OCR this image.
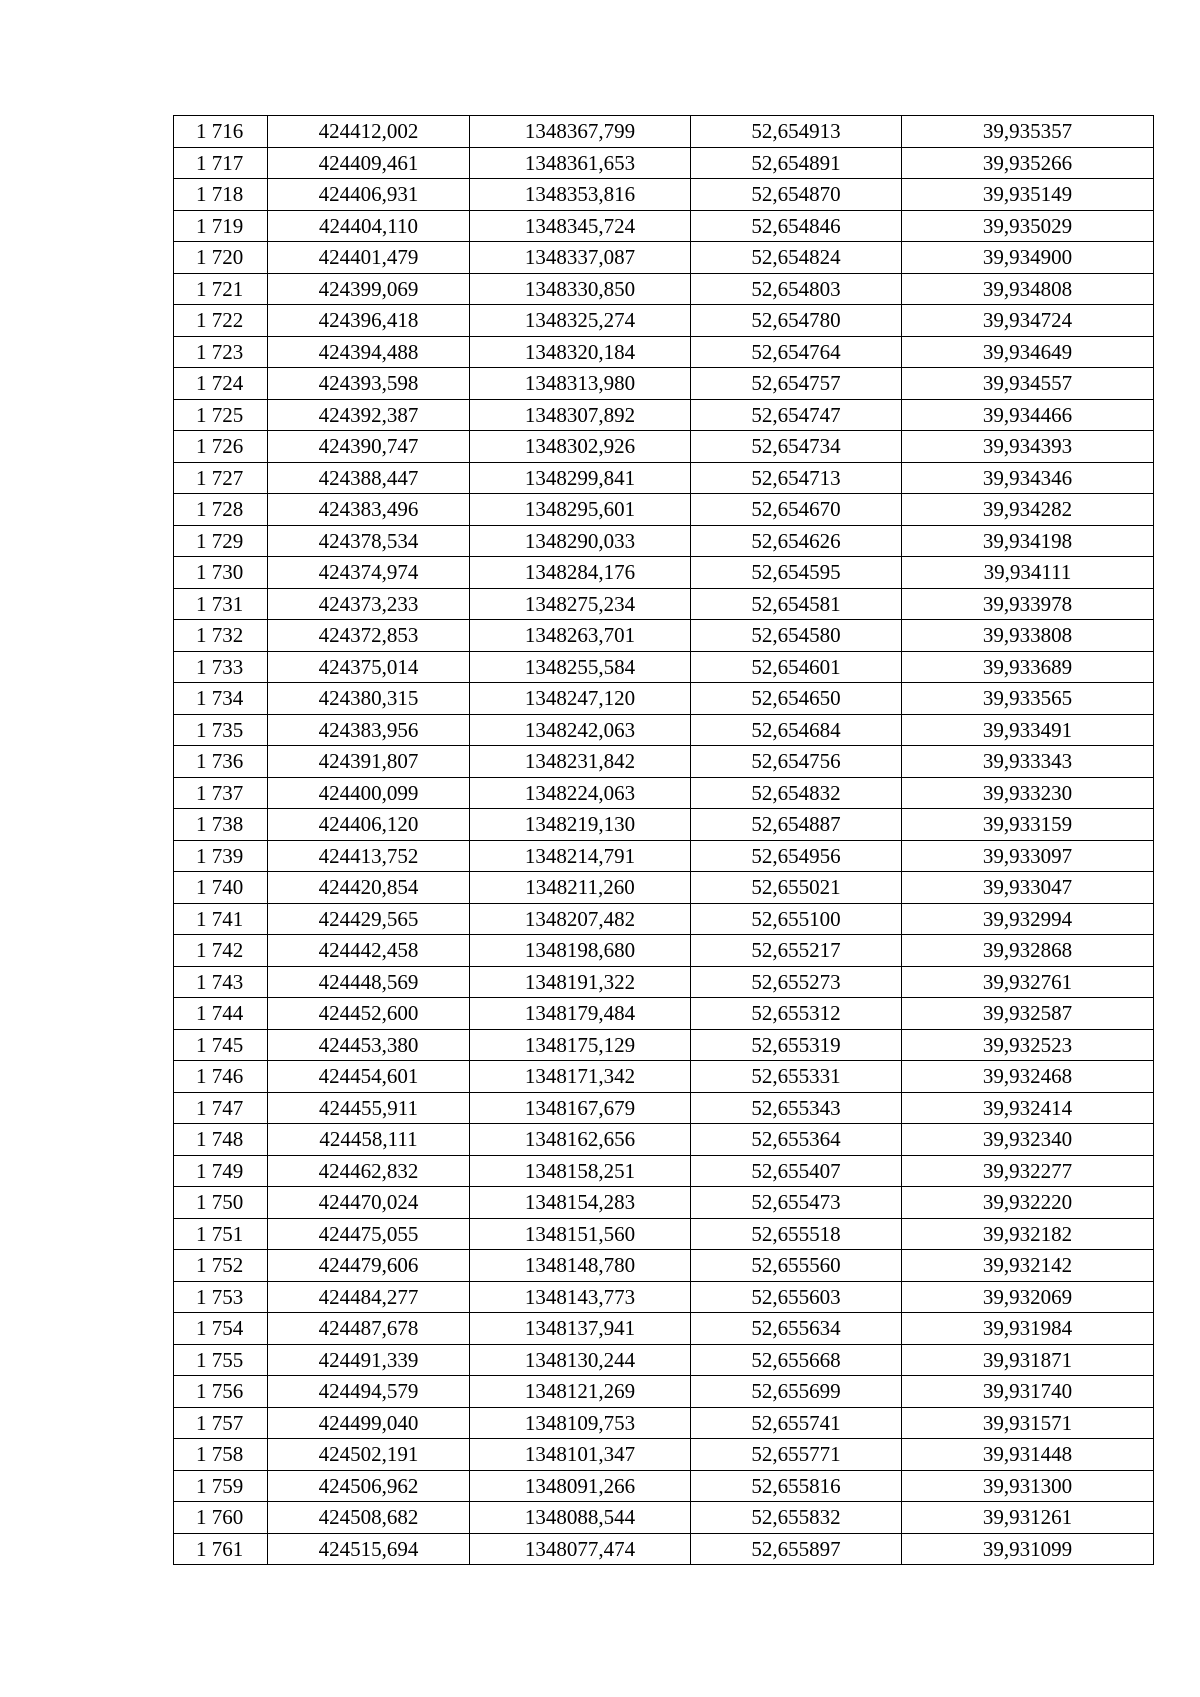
1 716	424412,002	1348367,799	52,654913	39,935357
1 717	424409,461	1348361,653	52,654891	39,935266
1 718	424406,931	1348353,816	52,654870	39,935149
1 719	424404,110	1348345,724	52,654846	39,935029
1 720	424401,479	1348337,087	52,654824	39,934900
1 721	424399,069	1348330,850	52,654803	39,934808
1 722	424396,418	1348325,274	52,654780	39,934724
1 723	424394,488	1348320,184	52,654764	39,934649
1 724	424393,598	1348313,980	52,654757	39,934557
1 725	424392,387	1348307,892	52,654747	39,934466
1 726	424390,747	1348302,926	52,654734	39,934393
1 727	424388,447	1348299,841	52,654713	39,934346
1 728	424383,496	1348295,601	52,654670	39,934282
1 729	424378,534	1348290,033	52,654626	39,934198
1 730	424374,974	1348284,176	52,654595	39,934111
1 731	424373,233	1348275,234	52,654581	39,933978
1 732	424372,853	1348263,701	52,654580	39,933808
1 733	424375,014	1348255,584	52,654601	39,933689
1 734	424380,315	1348247,120	52,654650	39,933565
1 735	424383,956	1348242,063	52,654684	39,933491
1 736	424391,807	1348231,842	52,654756	39,933343
1 737	424400,099	1348224,063	52,654832	39,933230
1 738	424406,120	1348219,130	52,654887	39,933159
1 739	424413,752	1348214,791	52,654956	39,933097
1 740	424420,854	1348211,260	52,655021	39,933047
1 741	424429,565	1348207,482	52,655100	39,932994
1 742	424442,458	1348198,680	52,655217	39,932868
1 743	424448,569	1348191,322	52,655273	39,932761
1 744	424452,600	1348179,484	52,655312	39,932587
1 745	424453,380	1348175,129	52,655319	39,932523
1 746	424454,601	1348171,342	52,655331	39,932468
1 747	424455,911	1348167,679	52,655343	39,932414
1 748	424458,111	1348162,656	52,655364	39,932340
1 749	424462,832	1348158,251	52,655407	39,932277
1 750	424470,024	1348154,283	52,655473	39,932220
1 751	424475,055	1348151,560	52,655518	39,932182
1 752	424479,606	1348148,780	52,655560	39,932142
1 753	424484,277	1348143,773	52,655603	39,932069
1 754	424487,678	1348137,941	52,655634	39,931984
1 755	424491,339	1348130,244	52,655668	39,931871
1 756	424494,579	1348121,269	52,655699	39,931740
1 757	424499,040	1348109,753	52,655741	39,931571
1 758	424502,191	1348101,347	52,655771	39,931448
1 759	424506,962	1348091,266	52,655816	39,931300
1 760	424508,682	1348088,544	52,655832	39,931261
1 761	424515,694	1348077,474	52,655897	39,931099
